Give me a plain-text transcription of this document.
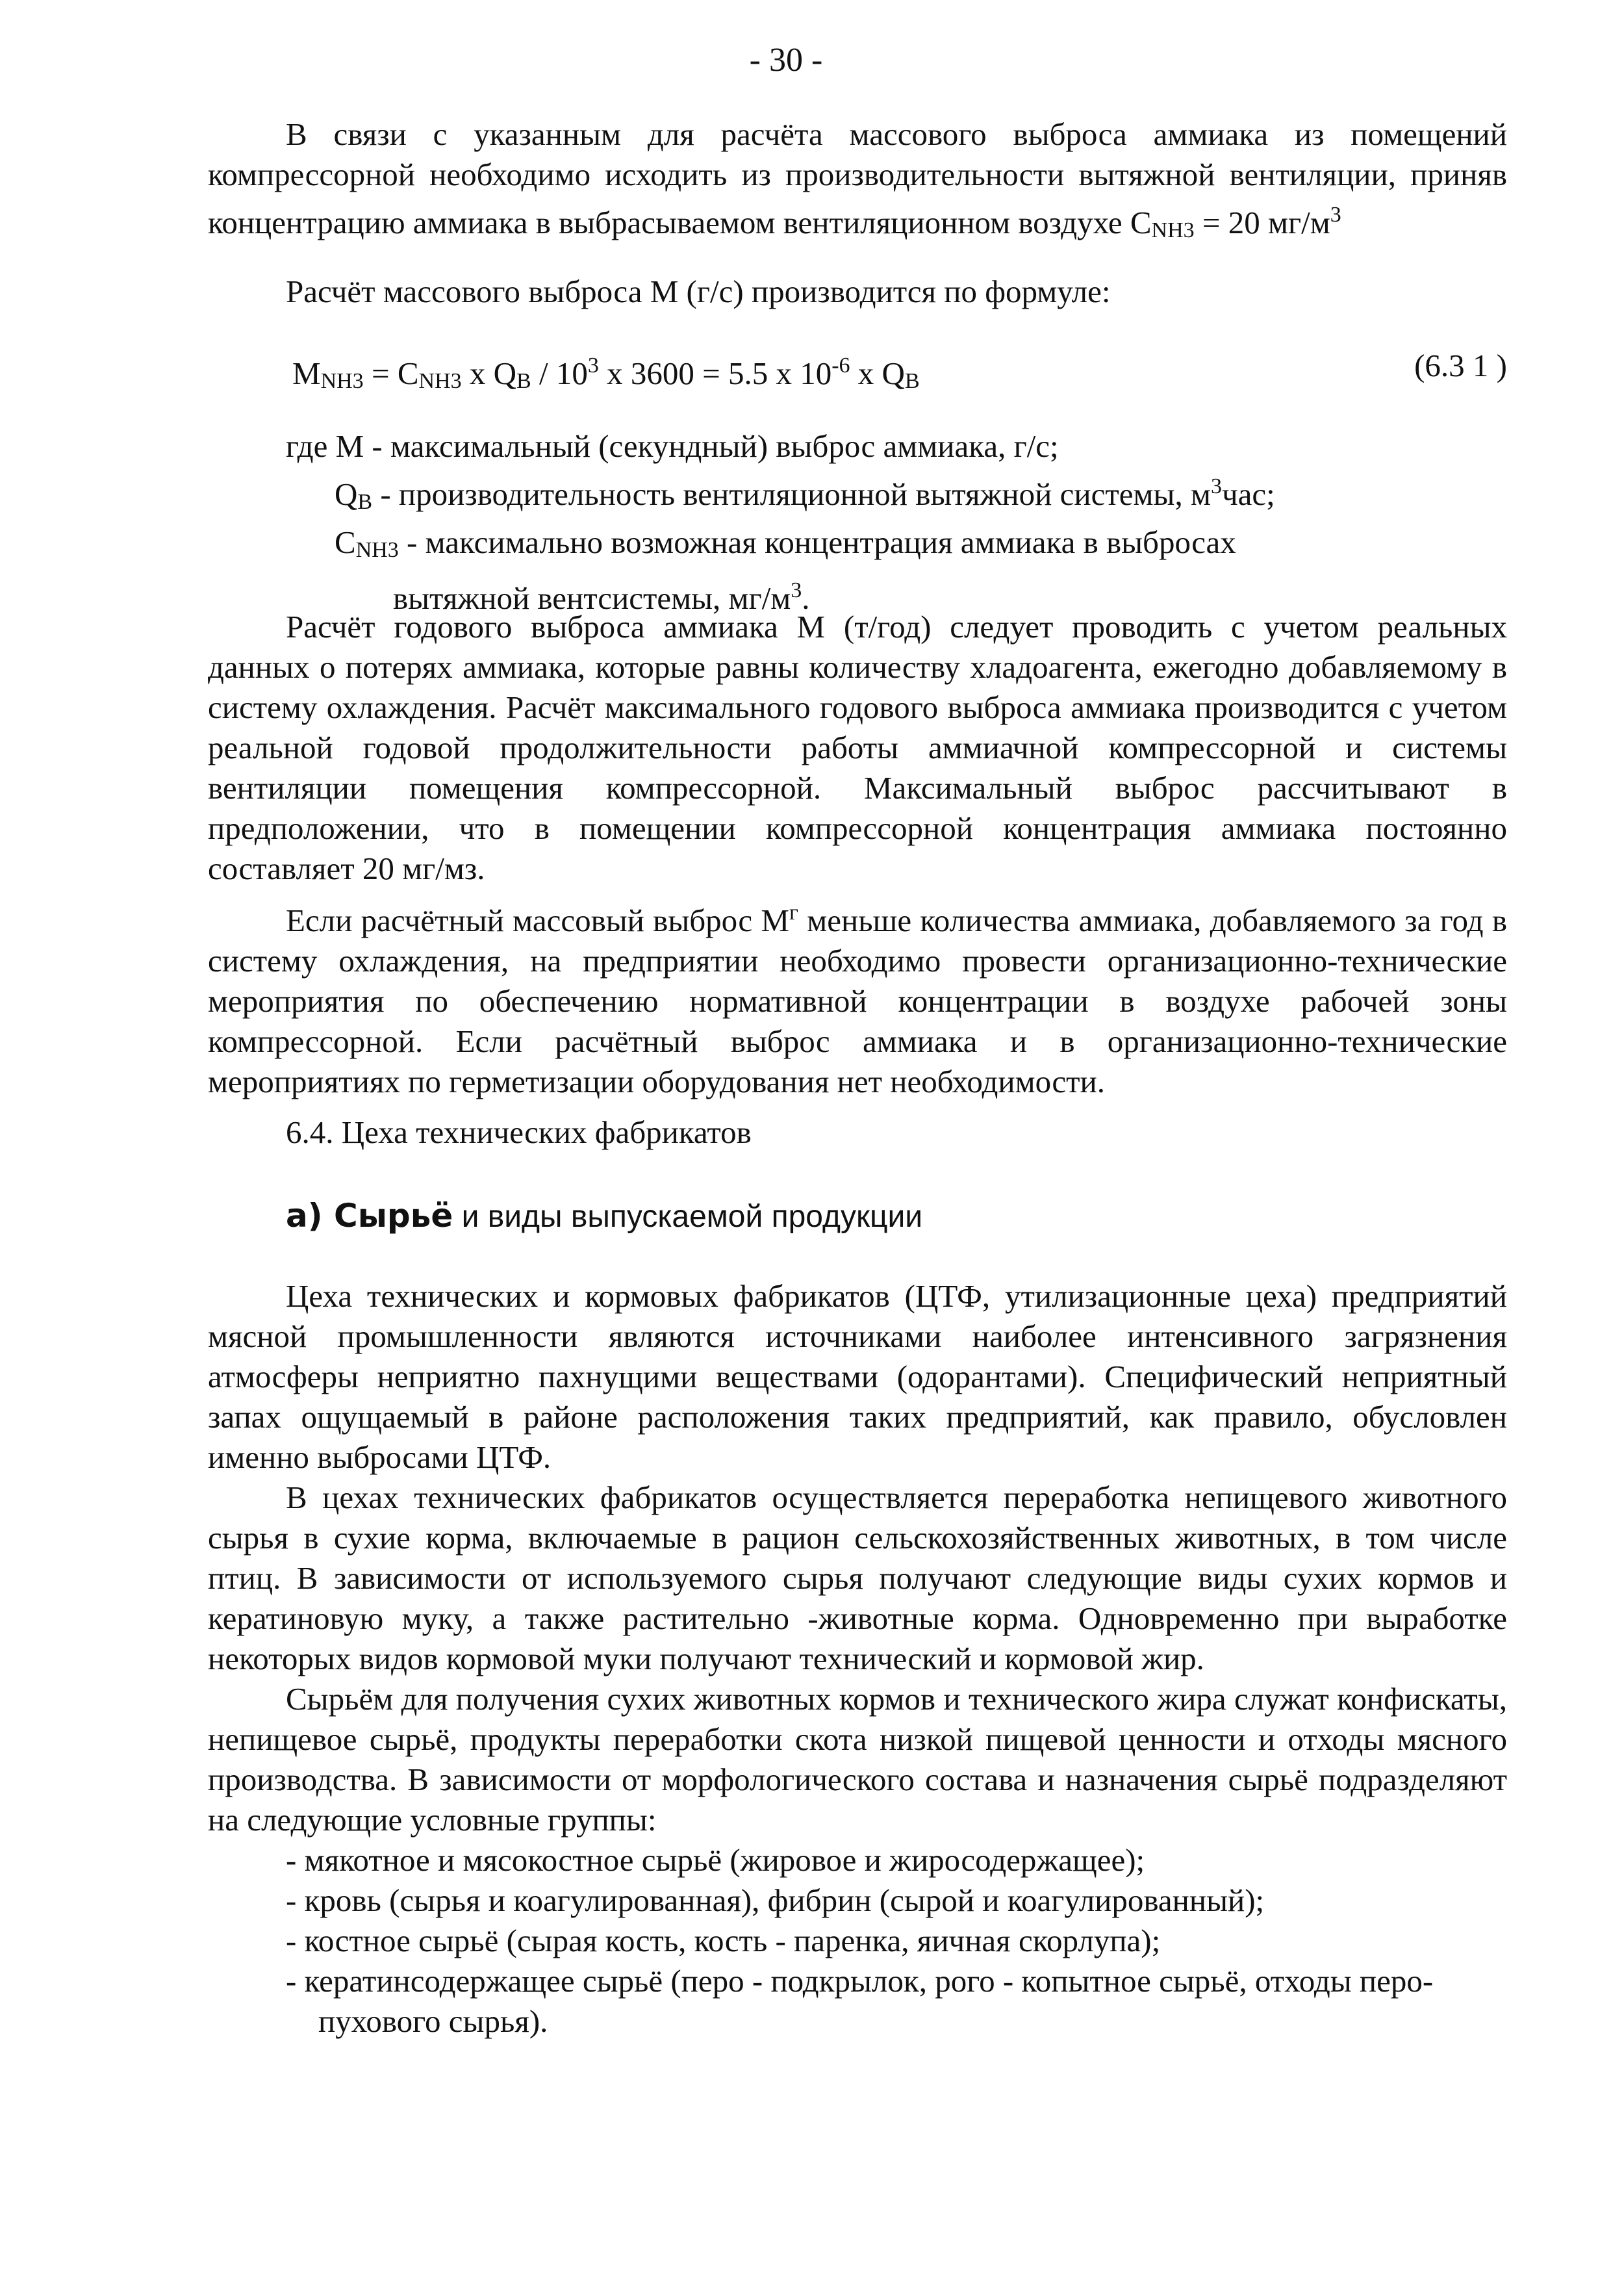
- 30 -

В связи с указанным для расчёта массового выброса аммиака из помещений компрессорной необходимо исходить из производительности вытяжной вентиляции, приняв концентрацию аммиака в выбрасываемом вентиляционном воздухе $C_{NH3} = 20$ $мг/м^3$

Расчёт массового выброса М (г/с) производится по формуле:

$M_{NH3} = C_{NH3}$ x $Q_B / 10^3$ x 3600 = 5.5 x $10^{-6}$ x $Q_B$	(6.3 1 )
где М - максимальный (секундный) выброс аммиака, г/с;
$Q_B$ - производительность вентиляционной вытяжной системы, $м^3час$;
$C_{NH3}$ - максимально возможная концентрация аммиака в выбросах
вытяжной вентсистемы, $мг/м^3$.

Расчёт годового выброса аммиака М (т/год) следует проводить с учетом реальных данных о потерях аммиака, которые равны количеству хладоагента, ежегодно добавляемому в систему охлаждения. Расчёт максимального годового выброса аммиака производится с учетом реальной годовой продолжительности работы аммиачной компрессорной и системы вентиляции помещения компрессорной. Максимальный выброс рассчитывают в предположении, что в помещении компрессорной концентрация аммиака постоянно составляет 20 мг/мз.

Если расчётный массовый выброс $М^г$ меньше количества аммиака, добавляемого за год в систему охлаждения, на предприятии необходимо провести организационно-технические мероприятия по обеспечению нормативной концентрации в воздухе рабочей зоны компрессорной. Если расчётный выброс аммиака и в организационно-технические мероприятиях по герметизации оборудования нет необходимости.

6.4. Цеха технических фабрикатов
а) Сырьё и виды выпускаемой продукции

Цеха технических и кормовых фабрикатов (ЦТФ, утилизационные цеха) предприятий мясной промышленности являются источниками наиболее интенсивного загрязнения атмосферы неприятно пахнущими веществами (одорантами). Специфический неприятный запах ощущаемый в районе расположения таких предприятий, как правило, обусловлен именно выбросами ЦТФ.

В цехах технических фабрикатов осуществляется переработка непищевого животного сырья в сухие корма, включаемые в рацион сельскохозяйственных животных, в том числе птиц. В зависимости от используемого сырья получают следующие виды сухих кормов и кератиновую муку, а также растительно -животные корма. Одновременно при выработке некоторых видов кормовой муки получают технический и кормовой жир.

Сырьём для получения сухих животных кормов и технического жира служат конфискаты, непищевое сырьё, продукты переработки скота низкой пищевой ценности и отходы мясного производства. В зависимости от морфологического состава и назначения сырьё подразделяют на следующие условные группы:

- мякотное и мясокостное сырьё (жировое и жиросодержащее);
- кровь (сырья и коагулированная), фибрин (сырой и коагулированный);
- костное сырьё (сырая кость, кость - паренка, яичная скорлупа);
- кератинсодержащее сырьё (перо - подкрылок, рого - копытное сырьё, отходы перо-
пухового сырья).
